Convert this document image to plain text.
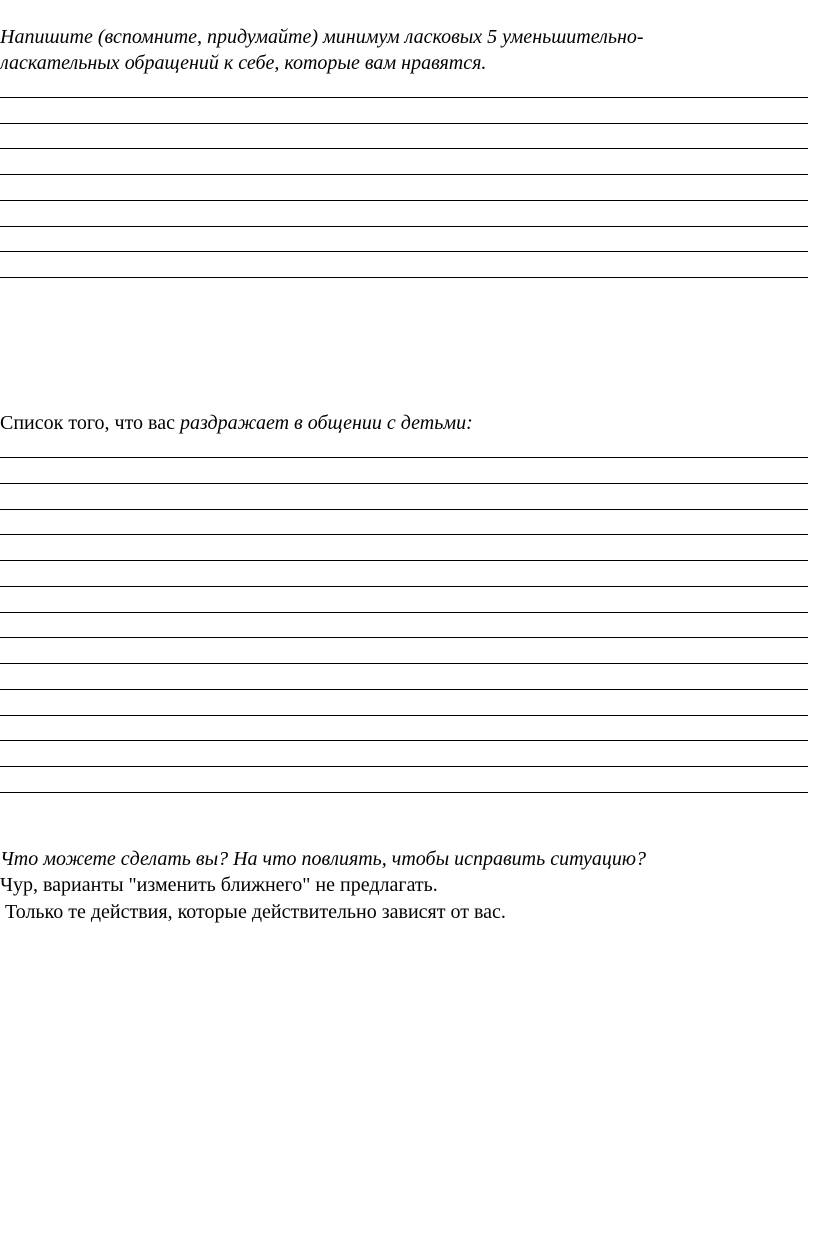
Напишите (вспомните, придумайте) минимум ласковых 5 уменьшительно-
ласкательных обращений к себе, которые вам нравятся.
Список того, что вас раздражает в общении с детьми:
Что можете сделать вы? На что повлиять, чтобы исправить ситуацию?
Чур, варианты "изменить ближнего" не предлагать.
Только те действия, которые действительно зависят от вас.
